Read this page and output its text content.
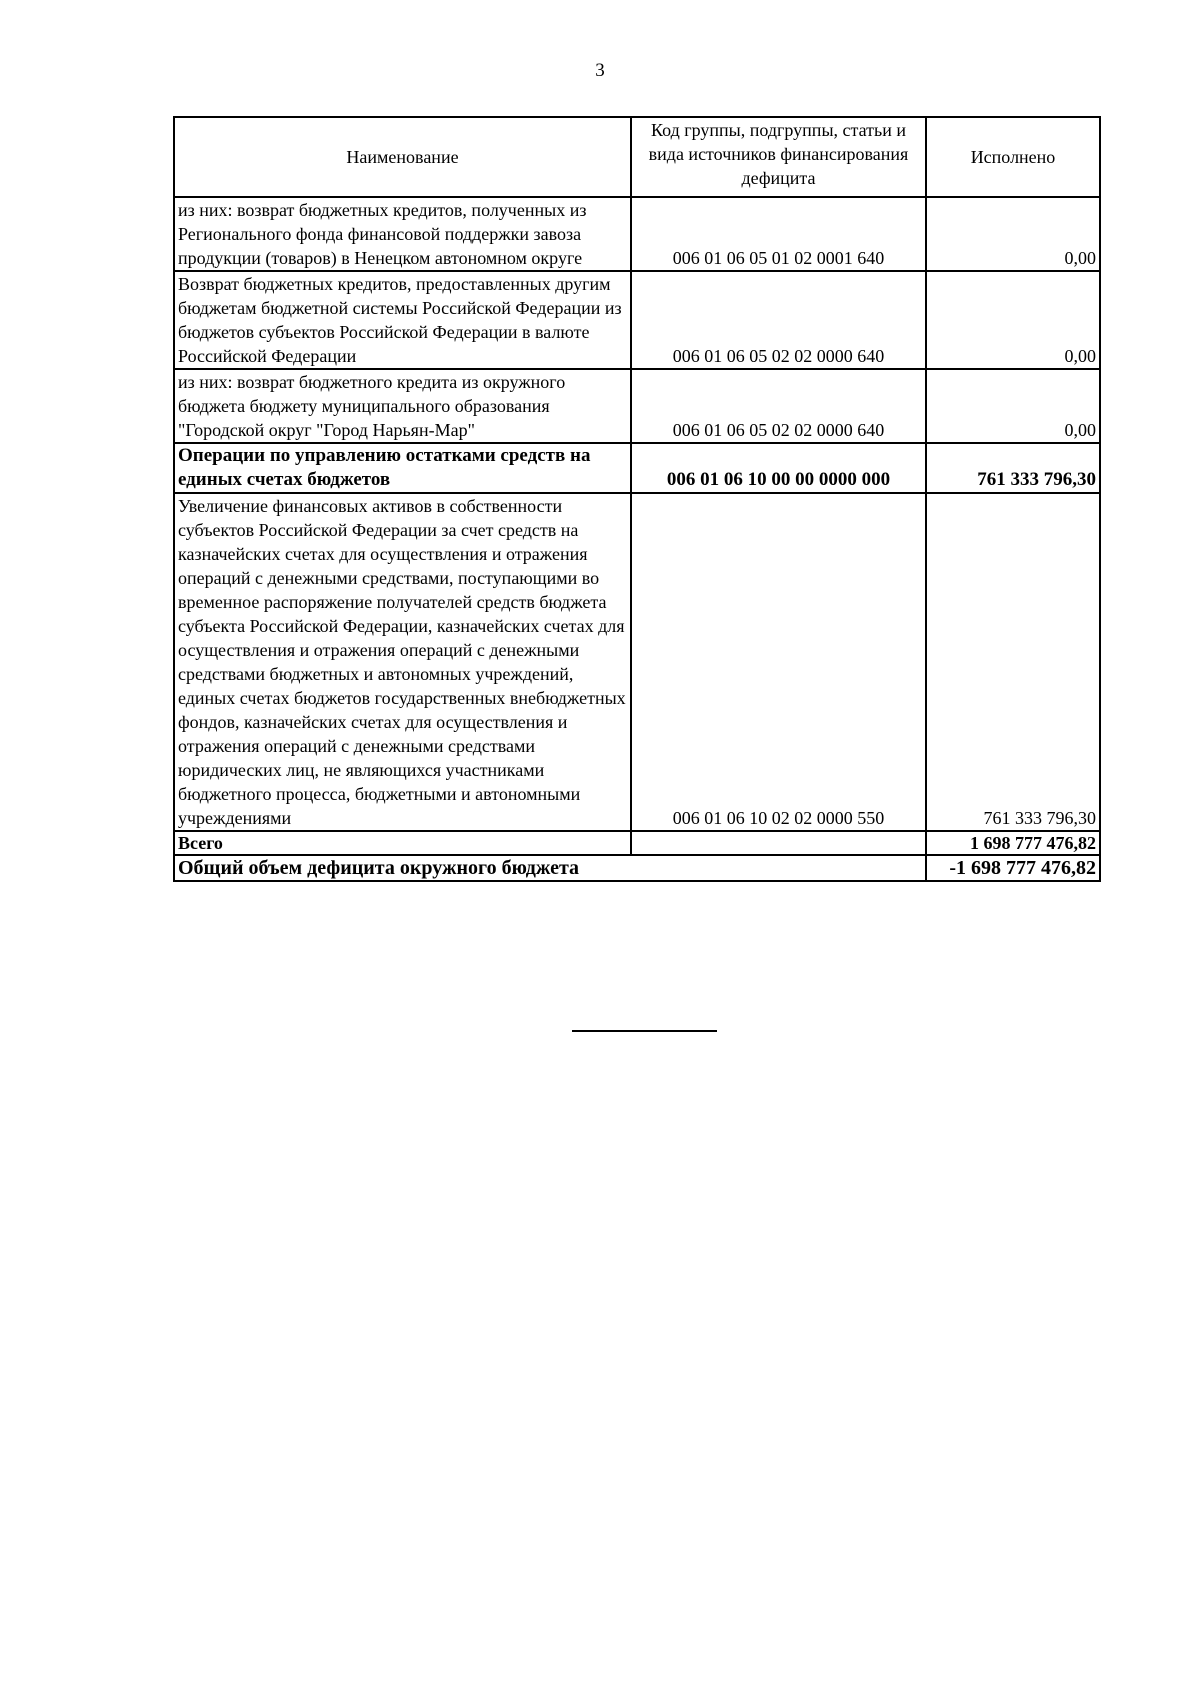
3
Наименование	Код группы, подгруппы, статьи и вида источников финансирования дефицита	Исполнено
из них: возврат бюджетных кредитов, полученных из Регионального фонда финансовой поддержки завоза продукции (товаров) в Ненецком автономном округе	006 01 06 05 01 02 0001 640	0,00
Возврат бюджетных кредитов, предоставленных другим бюджетам бюджетной системы Российской Федерации из бюджетов субъектов Российской Федерации в валюте Российской Федерации	006 01 06 05 02 02 0000 640	0,00
из них: возврат бюджетного кредита из окружного бюджета бюджету муниципального образования "Городской округ "Город Нарьян-Мар"	006 01 06 05 02 02 0000 640	0,00
Операции по управлению остатками средств на единых счетах бюджетов	006 01 06 10 00 00 0000 000	761 333 796,30
Увеличение финансовых активов в собственности субъектов Российской Федерации за счет средств на казначейских счетах для осуществления и отражения операций с денежными средствами, поступающими во временное распоряжение получателей средств бюджета субъекта Российской Федерации, казначейских счетах для осуществления и отражения операций с денежными средствами бюджетных и автономных учреждений, единых счетах бюджетов государственных внебюджетных фондов, казначейских счетах для осуществления и отражения операций с денежными средствами юридических лиц, не являющихся участниками бюджетного процесса, бюджетными и автономными учреждениями	006 01 06 10 02 02 0000 550	761 333 796,30
Всего		1 698 777 476,82
Общий объем дефицита окружного бюджета		-1 698 777 476,82
